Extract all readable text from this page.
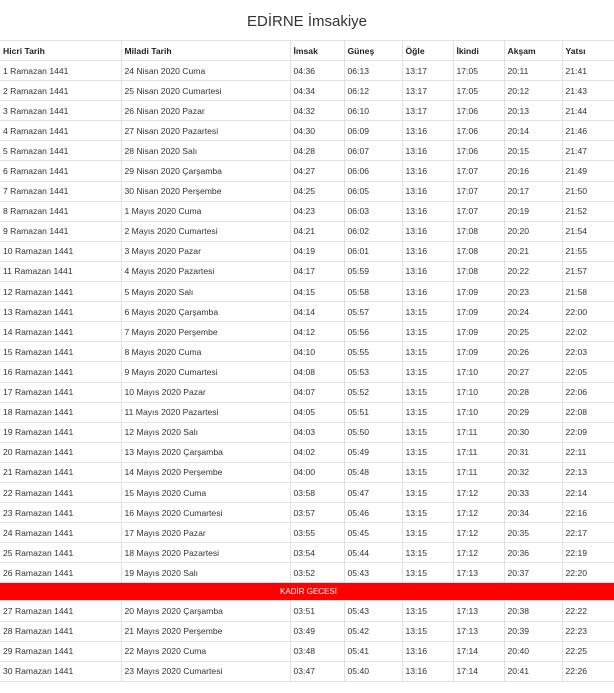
EDİRNE İmsakiye
Hicri Tarih	Miladi Tarih	İmsak	Güneş	Öğle	İkindi	Akşam	Yatsı
1 Ramazan 1441	24 Nisan 2020 Cuma	04:36	06:13	13:17	17:05	20:11	21:41
2 Ramazan 1441	25 Nisan 2020 Cumartesi	04:34	06:12	13:17	17:05	20:12	21:43
3 Ramazan 1441	26 Nisan 2020 Pazar	04:32	06:10	13:17	17:06	20:13	21:44
4 Ramazan 1441	27 Nisan 2020 Pazartesi	04:30	06:09	13:16	17:06	20:14	21:46
5 Ramazan 1441	28 Nisan 2020 Salı	04:28	06:07	13:16	17:06	20:15	21:47
6 Ramazan 1441	29 Nisan 2020 Çarşamba	04:27	06:06	13:16	17:07	20:16	21:49
7 Ramazan 1441	30 Nisan 2020 Perşembe	04:25	06:05	13:16	17:07	20:17	21:50
8 Ramazan 1441	1 Mayıs 2020 Cuma	04:23	06:03	13:16	17:07	20:19	21:52
9 Ramazan 1441	2 Mayıs 2020 Cumartesi	04:21	06:02	13:16	17:08	20:20	21:54
10 Ramazan 1441	3 Mayıs 2020 Pazar	04:19	06:01	13:16	17:08	20:21	21:55
11 Ramazan 1441	4 Mayıs 2020 Pazartesi	04:17	05:59	13:16	17:08	20:22	21:57
12 Ramazan 1441	5 Mayıs 2020 Salı	04:15	05:58	13:16	17:09	20:23	21:58
13 Ramazan 1441	6 Mayıs 2020 Çarşamba	04:14	05:57	13:15	17:09	20:24	22:00
14 Ramazan 1441	7 Mayıs 2020 Perşembe	04:12	05:56	13:15	17:09	20:25	22:02
15 Ramazan 1441	8 Mayıs 2020 Cuma	04:10	05:55	13:15	17:09	20:26	22:03
16 Ramazan 1441	9 Mayıs 2020 Cumartesi	04:08	05:53	13:15	17:10	20:27	22:05
17 Ramazan 1441	10 Mayıs 2020 Pazar	04:07	05:52	13:15	17:10	20:28	22:06
18 Ramazan 1441	11 Mayıs 2020 Pazartesi	04:05	05:51	13:15	17:10	20:29	22:08
19 Ramazan 1441	12 Mayıs 2020 Salı	04:03	05:50	13:15	17:11	20:30	22:09
20 Ramazan 1441	13 Mayıs 2020 Çarşamba	04:02	05:49	13:15	17:11	20:31	22:11
21 Ramazan 1441	14 Mayıs 2020 Perşembe	04:00	05:48	13:15	17:11	20:32	22:13
22 Ramazan 1441	15 Mayıs 2020 Cuma	03:58	05:47	13:15	17:12	20:33	22:14
23 Ramazan 1441	16 Mayıs 2020 Cumartesi	03:57	05:46	13:15	17:12	20:34	22:16
24 Ramazan 1441	17 Mayıs 2020 Pazar	03:55	05:45	13:15	17:12	20:35	22:17
25 Ramazan 1441	18 Mayıs 2020 Pazartesi	03:54	05:44	13:15	17:12	20:36	22:19
26 Ramazan 1441	19 Mayıs 2020 Salı	03:52	05:43	13:15	17:13	20:37	22:20
KADİR GECESİ							
27 Ramazan 1441	20 Mayıs 2020 Çarşamba	03:51	05:43	13:15	17:13	20:38	22:22
28 Ramazan 1441	21 Mayıs 2020 Perşembe	03:49	05:42	13:15	17:13	20:39	22:23
29 Ramazan 1441	22 Mayıs 2020 Cuma	03:48	05:41	13:16	17:14	20:40	22:25
30 Ramazan 1441	23 Mayıs 2020 Cumartesi	03:47	05:40	13:16	17:14	20:41	22:26
